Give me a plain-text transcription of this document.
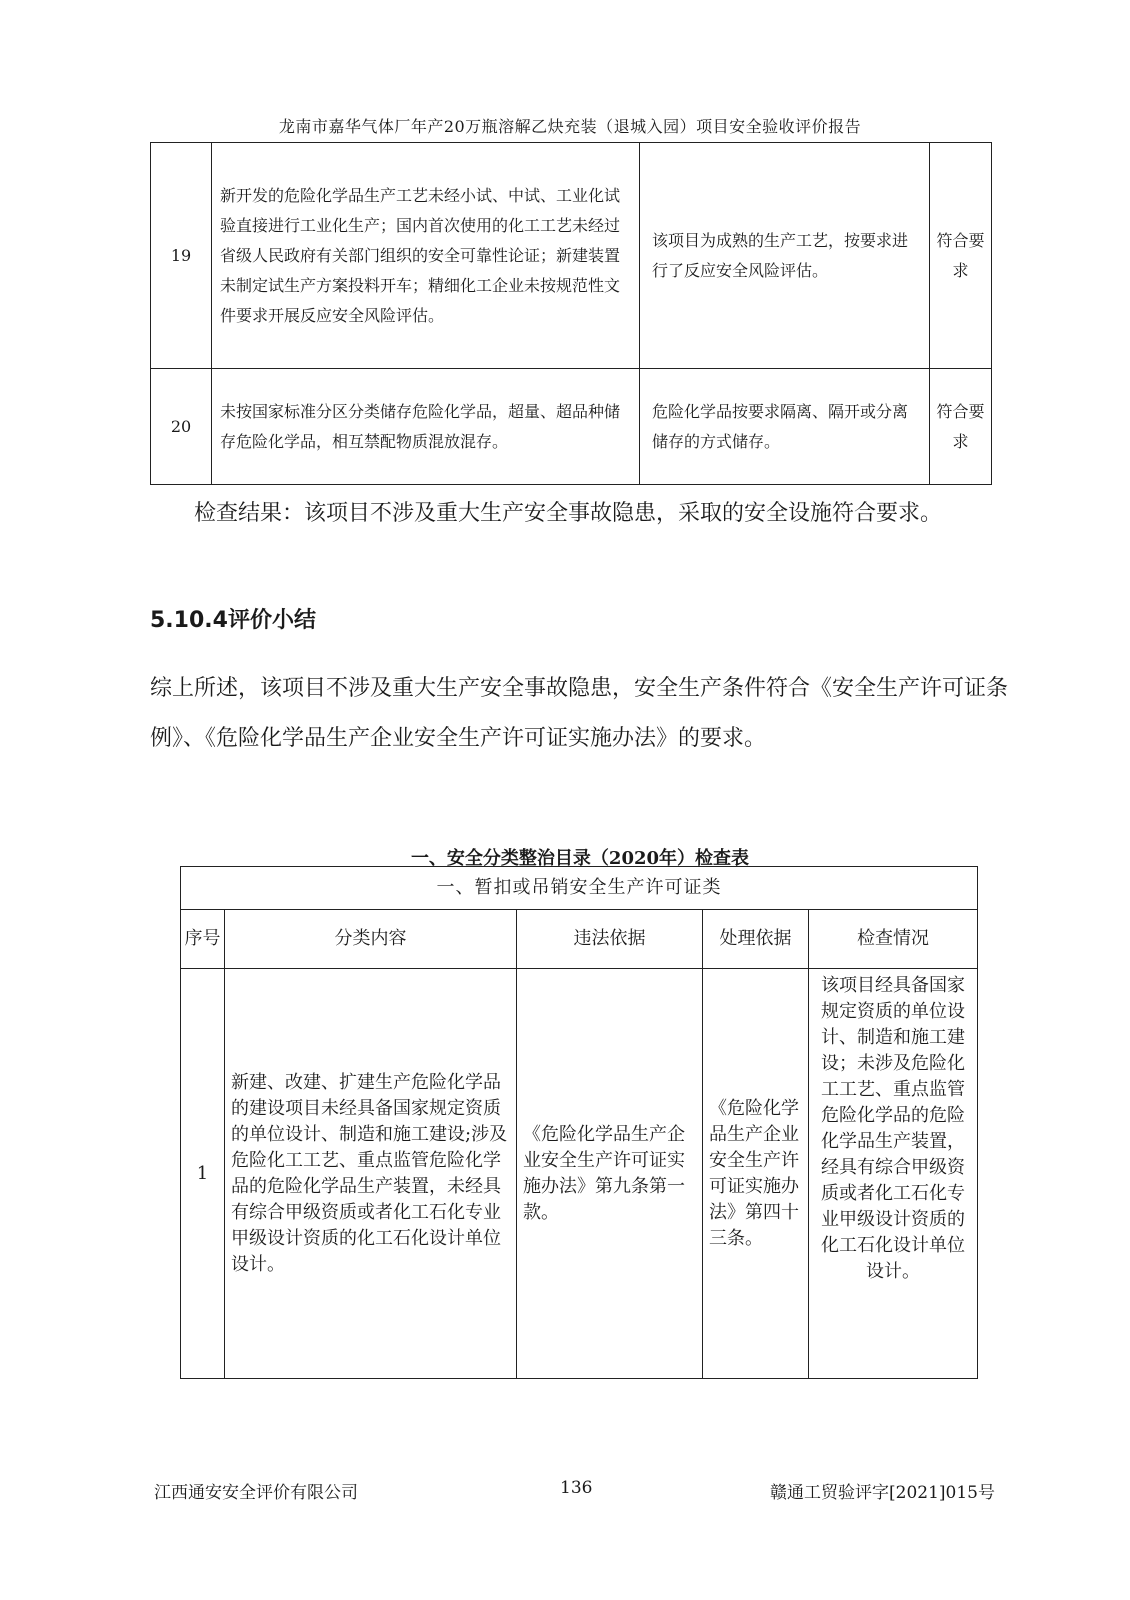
龙南市嘉华气体厂年产20万瓶溶解乙炔充装（退城入园）项目安全验收评价报告
19	新开发的危险化学品生产工艺未经小试、中试、工业化试验直接进行工业化生产；国内首次使用的化工工艺未经过省级人民政府有关部门组织的安全可靠性论证；新建装置未制定试生产方案投料开车；精细化工企业未按规范性文件要求开展反应安全风险评估。	该项目为成熟的生产工艺，按要求进行了反应安全风险评估。	符合要求
20	未按国家标准分区分类储存危险化学品，超量、超品种储存危险化学品，相互禁配物质混放混存。	危险化学品按要求隔离、隔开或分离储存的方式储存。	符合要求
检查结果：该项目不涉及重大生产安全事故隐患，采取的安全设施符合要求。
5.10.4评价小结
综上所述，该项目不涉及重大生产安全事故隐患，安全生产条件符合《安全生产许可证条例》、《危险化学品生产企业安全生产许可证实施办法》的要求。
一、安全分类整治目录（2020年）检查表
一、暂扣或吊销安全生产许可证类				
序号	分类内容	违法依据	处理依据	检查情况
1	新建、改建、扩建生产危险化学品的建设项目未经具备国家规定资质的单位设计、制造和施工建设;涉及危险化工工艺、重点监管危险化学品的危险化学品生产装置，未经具有综合甲级资质或者化工石化专业甲级设计资质的化工石化设计单位设计。	《危险化学品生产企业安全生产许可证实施办法》第九条第一款。	《危险化学品生产企业安全生产许可证实施办法》第四十三条。	该项目经具备国家规定资质的单位设计、制造和施工建设；未涉及危险化工工艺、重点监管危险化学品的危险化学品生产装置，经具有综合甲级资质或者化工石化专业甲级设计资质的化工石化设计单位设计。
江西通安安全评价有限公司	136	赣通工贸验评字[2021]015号
